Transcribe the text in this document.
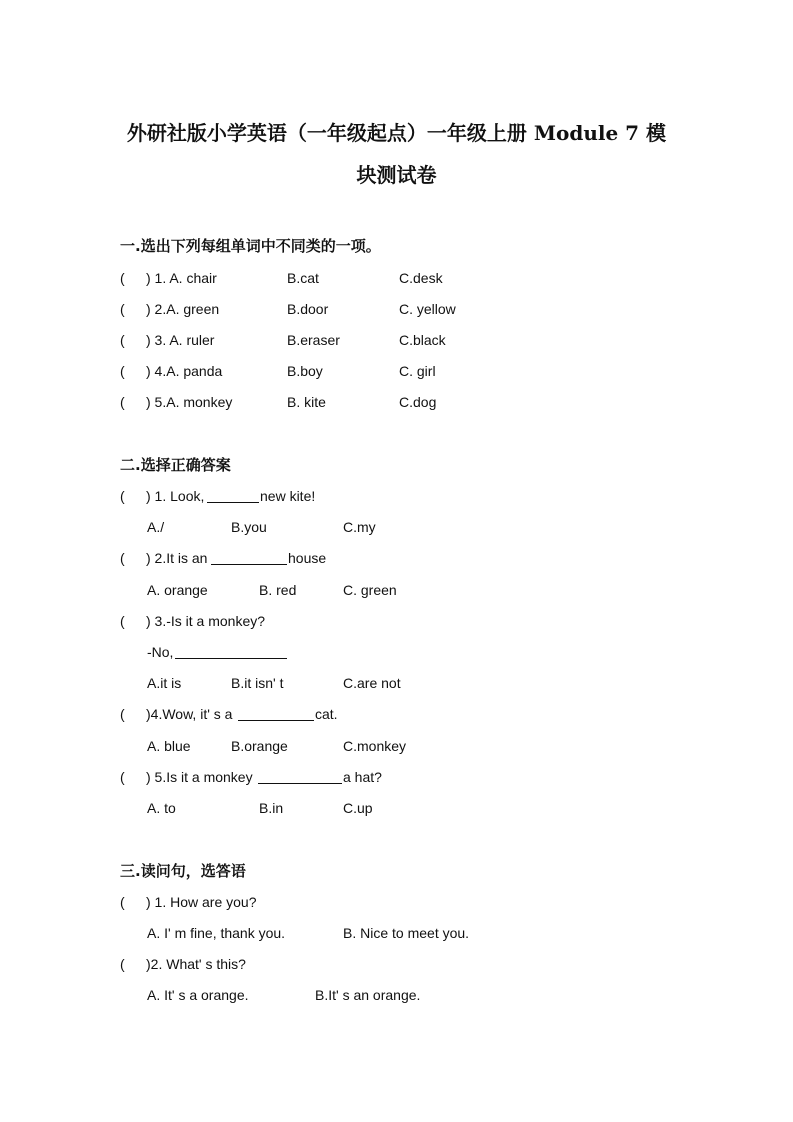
外研社版小学英语（一年级起点）一年级上册 Module 7 模
块测试卷
一.选出下列每组单词中不同类的一项。
( ) 1. A. chair	B.cat	C.desk
( ) 2.A. green	B.door	C. yellow
( ) 3. A. ruler	B.eraser	C.black
( ) 4.A. panda	B.boy	C. girl
( ) 5.A. monkey	B. kite	C.dog
二.选择正确答案
( ) 1. Look,	new kite!
A./	B.you	C.my
( ) 2.It is an	house
A. orange	B. red	C. green
( ) 3.-Is it a monkey?
-No,
A.it is	B.it isn' t	C.are not
( )4.Wow, it' s a	cat.
A. blue	B.orange	C.monkey
( ) 5.Is it a monkey	a hat?
A. to	B.in	C.up
三.读问句，选答语
( ) 1. How are you?
A. I' m fine, thank you.	B. Nice to meet you.
( )2. What' s this?
A. It' s a orange.	B.It' s an orange.
